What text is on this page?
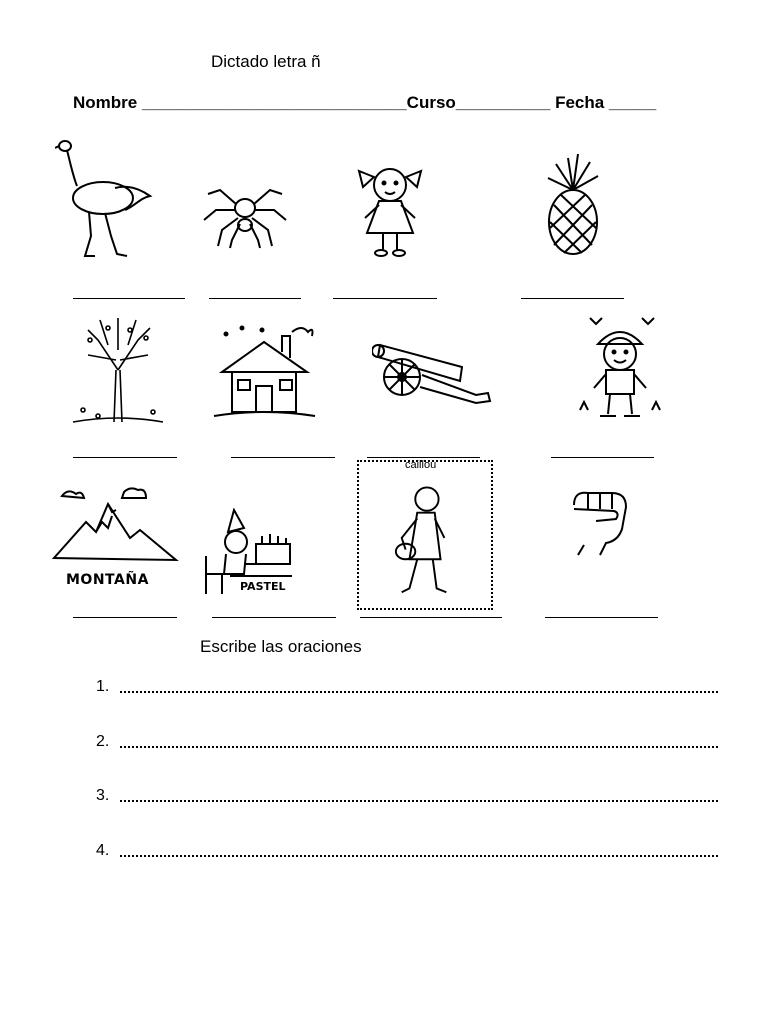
Dictado letra ñ
Nombre ____________________________Curso__________ Fecha _____
MONTAÑA	PASTEL
caillou
Escribe las oraciones
1.
2.
3.
4.
